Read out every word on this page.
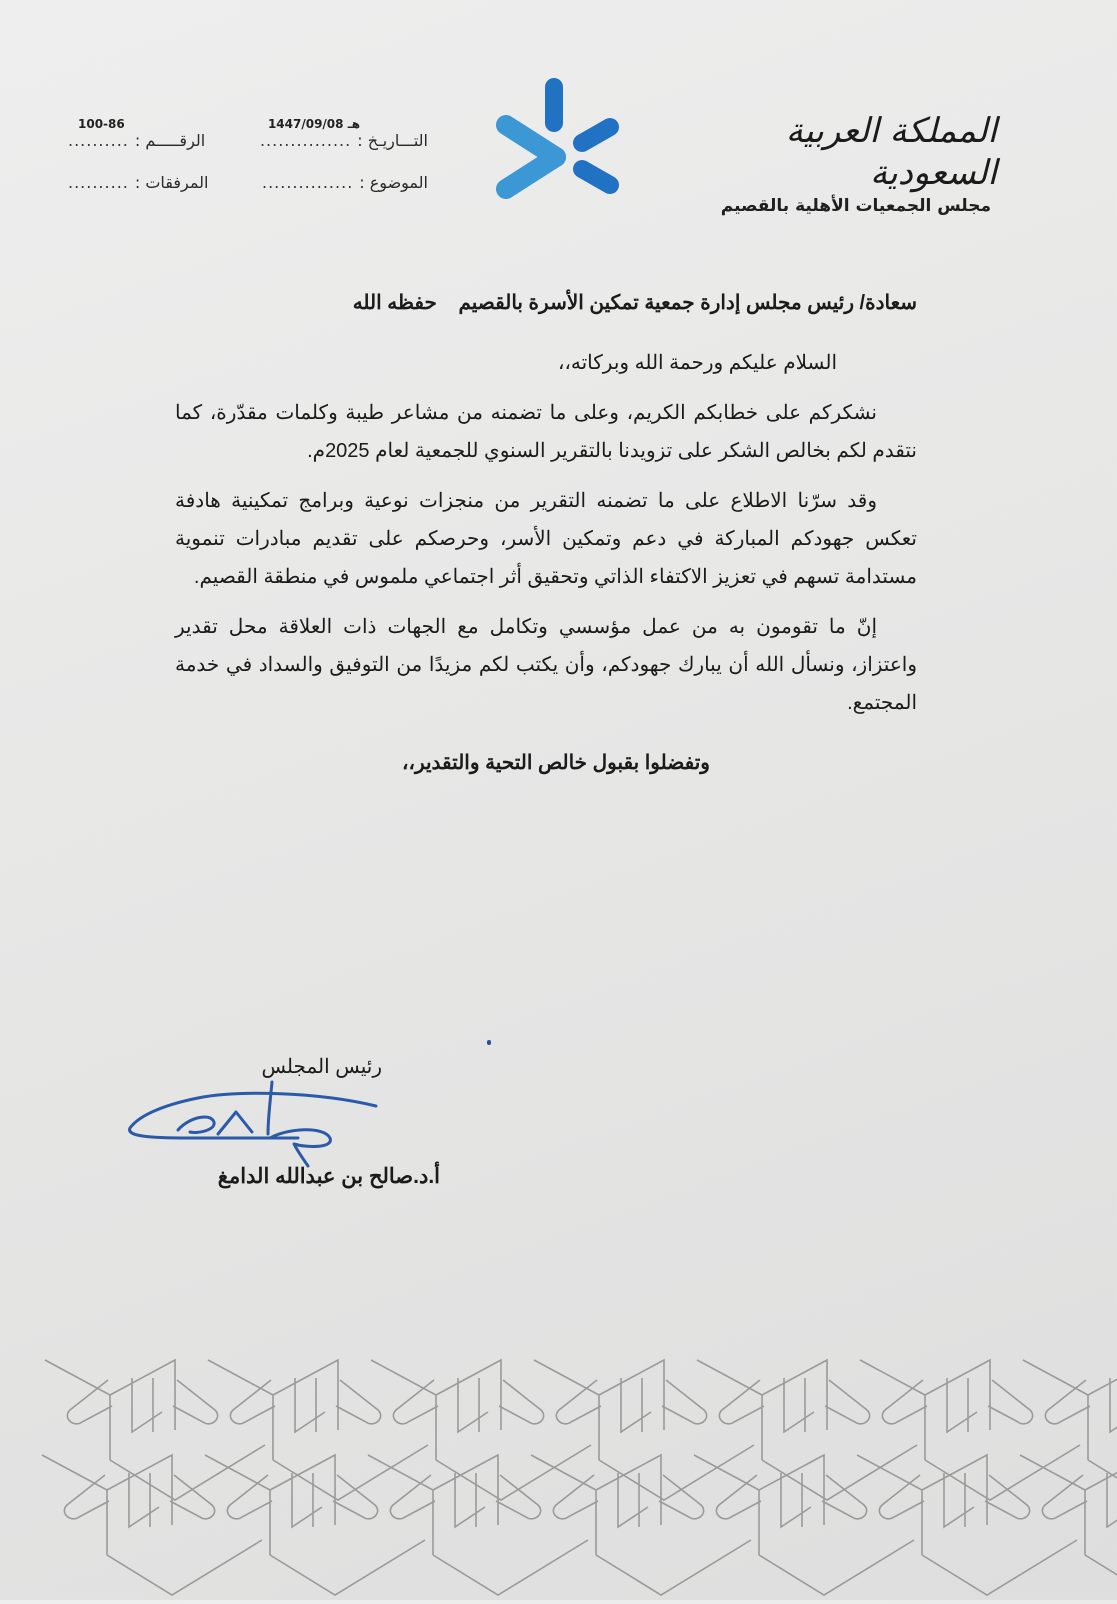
التـــاريـخ :
...............
1447/09/08 هـ
الرقـــــم :
..........
100-86
الموضوع :
...............
المرفقات :
..........
المملكة العربية السعودية
مجلس الجمعيات الأهلية بالقصيم
سعادة/ رئيس مجلس إدارة جمعية تمكين الأسرة بالقصيم حفظه الله
السلام عليكم ورحمة الله وبركاته،،

نشكركم على خطابكم الكريم، وعلى ما تضمنه من مشاعر طيبة وكلمات مقدّرة، كما نتقدم لكم بخالص الشكر على تزويدنا بالتقرير السنوي للجمعية لعام 2025م.

وقد سرّنا الاطلاع على ما تضمنه التقرير من منجزات نوعية وبرامج تمكينية هادفة تعكس جهودكم المباركة في دعم وتمكين الأسر، وحرصكم على تقديم مبادرات تنموية مستدامة تسهم في تعزيز الاكتفاء الذاتي وتحقيق أثر اجتماعي ملموس في منطقة القصيم.

إنّ ما تقومون به من عمل مؤسسي وتكامل مع الجهات ذات العلاقة محل تقدير واعتزاز، ونسأل الله أن يبارك جهودكم، وأن يكتب لكم مزيدًا من التوفيق والسداد في خدمة المجتمع.

وتفضلوا بقبول خالص التحية والتقدير،،
رئيس المجلس
أ.د.صالح بن عبدالله الدامغ
